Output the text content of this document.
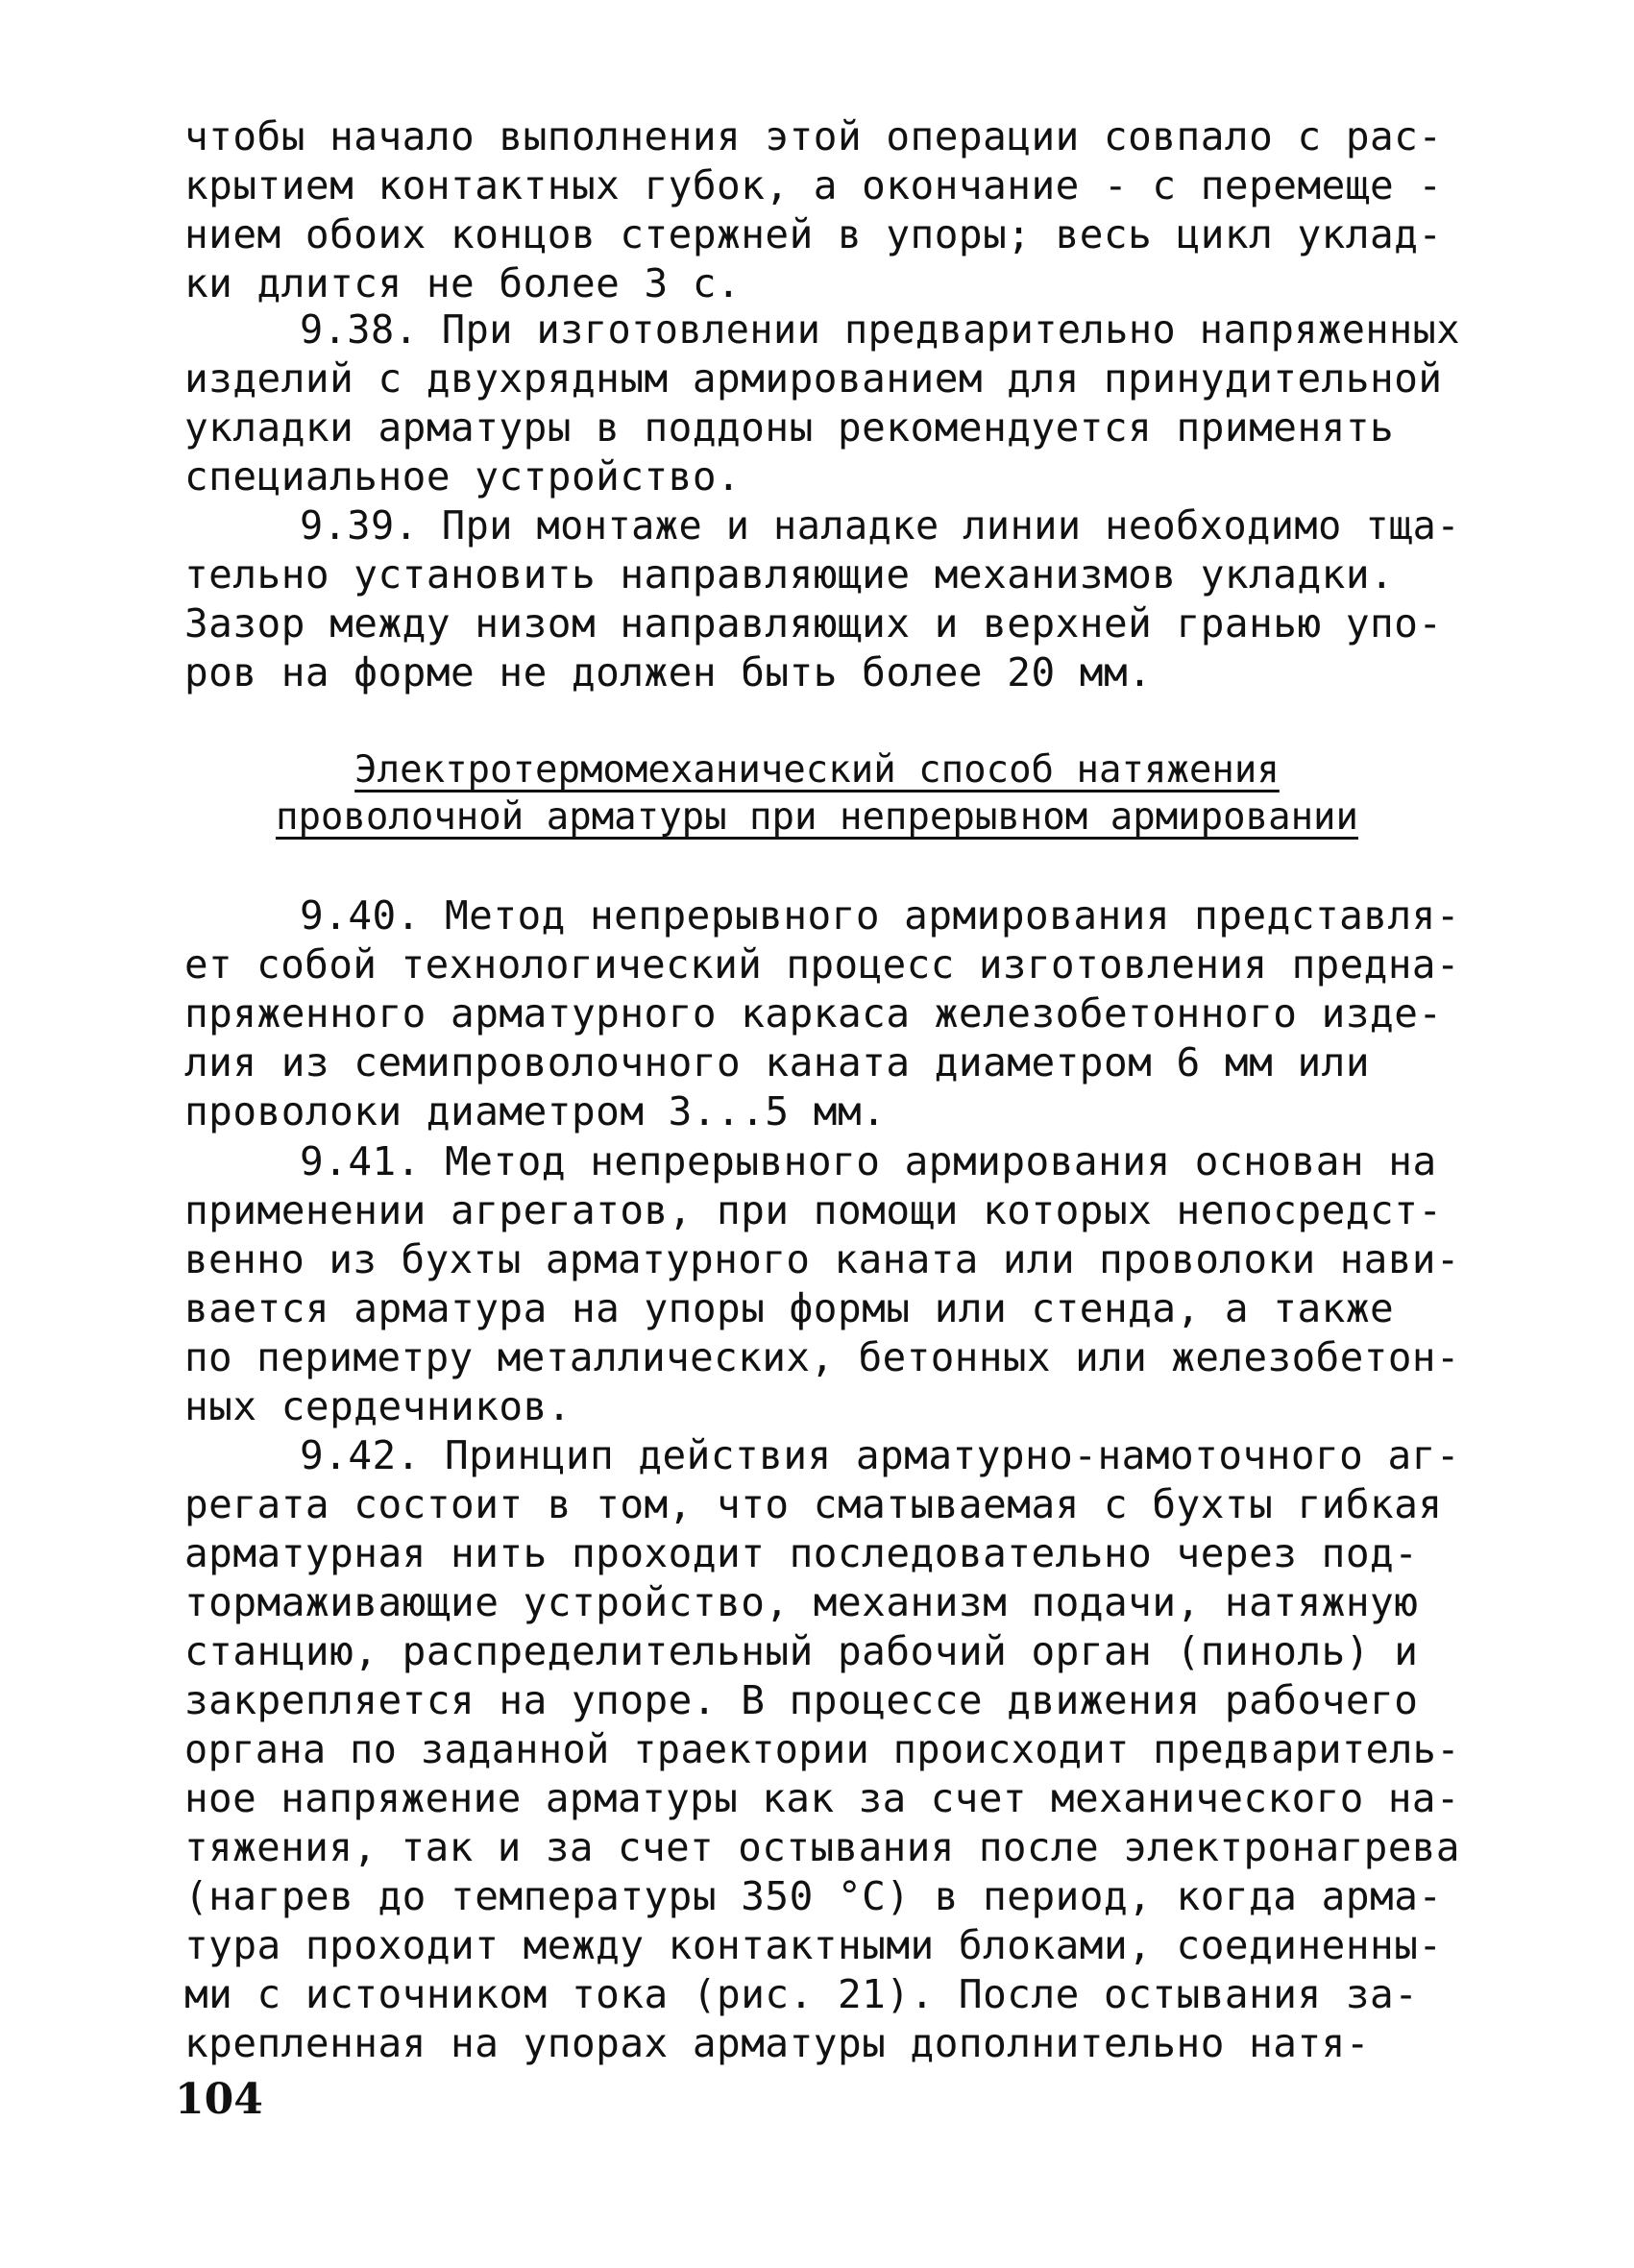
чтобы начало выполнения этой операции совпало с рас-
крытием контактных губок, а окончание - с перемеще -
нием обоих концов стержней в упоры; весь цикл уклад-
ки длится не более 3 с.
9.38. При изготовлении предварительно напряженных
изделий с двухрядным армированием для принудительной
укладки арматуры в поддоны рекомендуется применять
специальное устройство.
9.39. При монтаже и наладке линии необходимо тща-
тельно установить направляющие механизмов укладки.
Зазор между низом направляющих и верхней гранью упо-
ров на форме не должен быть более 20 мм.
Электротермомеханический способ натяжения
проволочной арматуры при непрерывном армировании
9.40. Метод непрерывного армирования представля-
ет собой технологический процесс изготовления предна-
пряженного арматурного каркаса железобетонного изде-
лия из семипроволочного каната диаметром 6 мм или
проволоки диаметром 3...5 мм.
9.41. Метод непрерывного армирования основан на
применении агрегатов, при помощи которых непосредст-
венно из бухты арматурного каната или проволоки нави-
вается арматура на упоры формы или стенда, а также
по периметру металлических, бетонных или железобетон-
ных сердечников.
9.42. Принцип действия арматурно-намоточного аг-
регата состоит в том, что сматываемая с бухты гибкая
арматурная нить проходит последовательно через под-
тормаживающие устройство, механизм подачи, натяжную
станцию, распределительный рабочий орган (пиноль) и
закрепляется на упоре. В процессе движения рабочего
органа по заданной траектории происходит предваритель-
ное напряжение арматуры как за счет механического на-
тяжения, так и за счет остывания после электронагрева
(нагрев до температуры 350 °С) в период, когда арма-
тура проходит между контактными блоками, соединенны-
ми с источником тока (рис. 21). После остывания за-
крепленная на упорах арматуры дополнительно натя-
104
